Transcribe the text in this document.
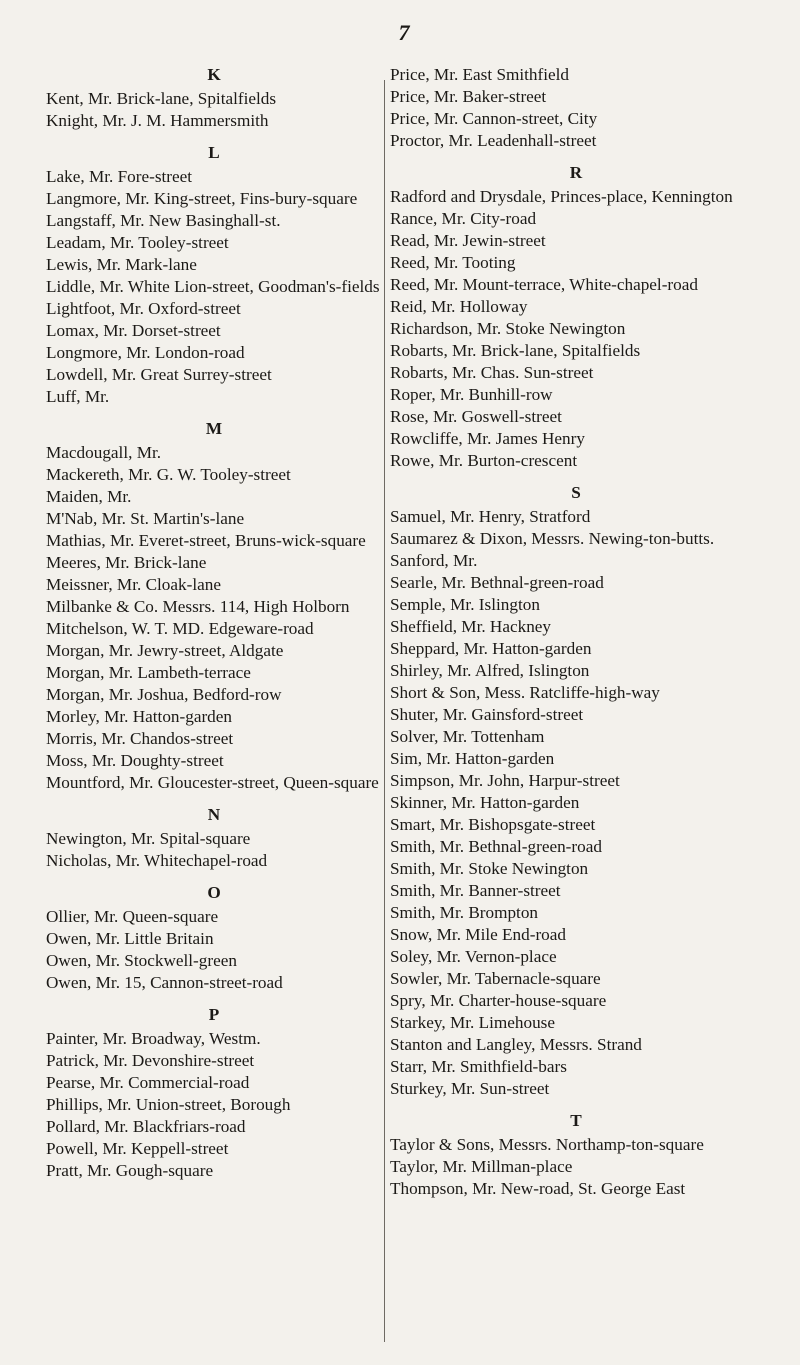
7
K
Kent, Mr. Brick-lane, Spitalfields
Knight, Mr. J. M. Hammersmith
L
Lake, Mr. Fore-street
Langmore, Mr. King-street, Fins-bury-square
Langstaff, Mr. New Basinghall-st.
Leadam, Mr. Tooley-street
Lewis, Mr. Mark-lane
Liddle, Mr. White Lion-street, Goodman's-fields
Lightfoot, Mr. Oxford-street
Lomax, Mr. Dorset-street
Longmore, Mr. London-road
Lowdell, Mr. Great Surrey-street
Luff, Mr.
M
Macdougall, Mr.
Mackereth, Mr. G. W. Tooley-street
Maiden, Mr.
M'Nab, Mr. St. Martin's-lane
Mathias, Mr. Everet-street, Bruns-wick-square
Meeres, Mr. Brick-lane
Meissner, Mr. Cloak-lane
Milbanke & Co. Messrs. 114, High Holborn
Mitchelson, W. T. MD. Edgeware-road
Morgan, Mr. Jewry-street, Aldgate
Morgan, Mr. Lambeth-terrace
Morgan, Mr. Joshua, Bedford-row
Morley, Mr. Hatton-garden
Morris, Mr. Chandos-street
Moss, Mr. Doughty-street
Mountford, Mr. Gloucester-street, Queen-square
N
Newington, Mr. Spital-square
Nicholas, Mr. Whitechapel-road
O
Ollier, Mr. Queen-square
Owen, Mr. Little Britain
Owen, Mr. Stockwell-green
Owen, Mr. 15, Cannon-street-road
P
Painter, Mr. Broadway, Westm.
Patrick, Mr. Devonshire-street
Pearse, Mr. Commercial-road
Phillips, Mr. Union-street, Borough
Pollard, Mr. Blackfriars-road
Powell, Mr. Keppell-street
Pratt, Mr. Gough-square
Price, Mr. East Smithfield
Price, Mr. Baker-street
Price, Mr. Cannon-street, City
Proctor, Mr. Leadenhall-street
R
Radford and Drysdale, Princes-place, Kennington
Rance, Mr. City-road
Read, Mr. Jewin-street
Reed, Mr. Tooting
Reed, Mr. Mount-terrace, White-chapel-road
Reid, Mr. Holloway
Richardson, Mr. Stoke Newington
Robarts, Mr. Brick-lane, Spitalfields
Robarts, Mr. Chas. Sun-street
Roper, Mr. Bunhill-row
Rose, Mr. Goswell-street
Rowcliffe, Mr. James Henry
Rowe, Mr. Burton-crescent
S
Samuel, Mr. Henry, Stratford
Saumarez & Dixon, Messrs. Newing-ton-butts.
Sanford, Mr.
Searle, Mr. Bethnal-green-road
Semple, Mr. Islington
Sheffield, Mr. Hackney
Sheppard, Mr. Hatton-garden
Shirley, Mr. Alfred, Islington
Short & Son, Mess. Ratcliffe-high-way
Shuter, Mr. Gainsford-street
Solver, Mr. Tottenham
Sim, Mr. Hatton-garden
Simpson, Mr. John, Harpur-street
Skinner, Mr. Hatton-garden
Smart, Mr. Bishopsgate-street
Smith, Mr. Bethnal-green-road
Smith, Mr. Stoke Newington
Smith, Mr. Banner-street
Smith, Mr. Brompton
Snow, Mr. Mile End-road
Soley, Mr. Vernon-place
Sowler, Mr. Tabernacle-square
Spry, Mr. Charter-house-square
Starkey, Mr. Limehouse
Stanton and Langley, Messrs. Strand
Starr, Mr. Smithfield-bars
Sturkey, Mr. Sun-street
T
Taylor & Sons, Messrs. Northamp-ton-square
Taylor, Mr. Millman-place
Thompson, Mr. New-road, St. George East
